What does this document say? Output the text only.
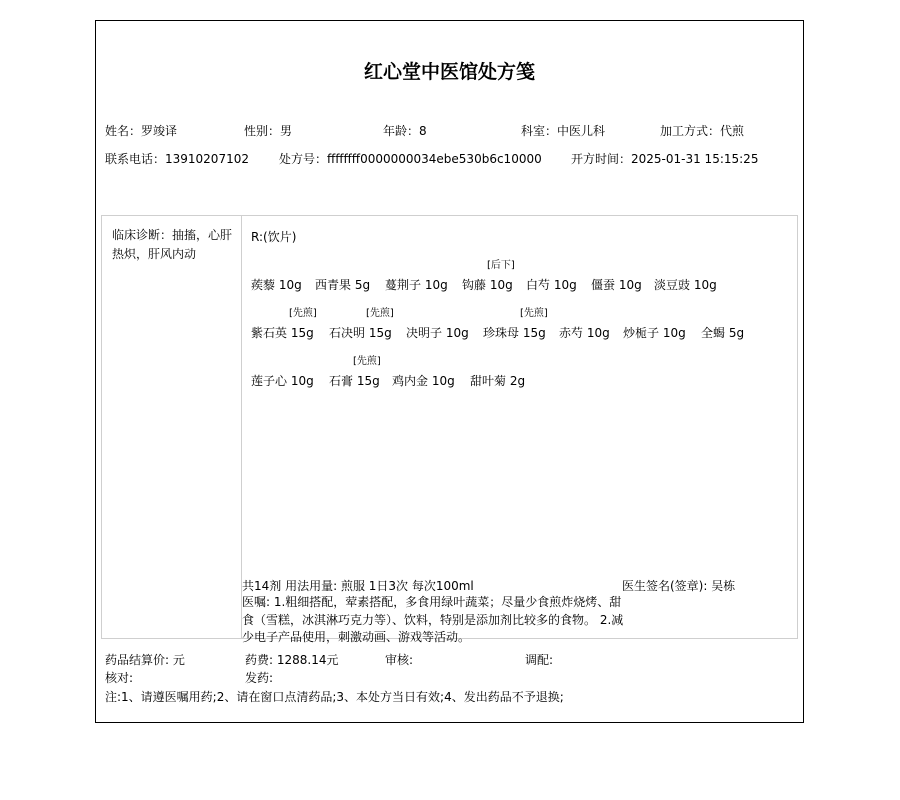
红心堂中医馆处方笺
姓名：罗竣译	性别：男	年龄：8	科室：中医儿科	加工方式：代煎
联系电话：13910207102	处方号：ffffffff0000000034ebe530b6c10000 开方时间：2025-01-31 15:15:25
临床诊断：抽搐，心肝热炽，肝风内动
R:(饮片)
[后下]
蒺藜 10g 西青果 5g 蔓荆子 10g 钩藤 10g 白芍 10g 僵蚕 10g 淡豆豉 10g
[先煎]	[先煎]	[先煎]
紫石英 15g 石决明 15g 决明子 10g 珍珠母 15g 赤芍 10g 炒栀子 10g 全蝎 5g
[先煎]
莲子心 10g 石膏 15g 鸡内金 10g 甜叶菊 2g
共14剂 用法用量: 煎服 1日3次 每次100ml	医生签名(签章): 吴栋
医嘱: 1.粗细搭配，荤素搭配，多食用绿叶蔬菜；尽量少食煎炸烧烤、甜食（雪糕，冰淇淋巧克力等）、饮料，特别是添加剂比较多的食物。 2.减少电子产品使用，刺激动画、游戏等活动。
药品结算价: 元	药费: 1288.14元	审核:	调配:
核对:	发药:
注:1、请遵医嘱用药;2、请在窗口点清药品;3、本处方当日有效;4、发出药品不予退换;
